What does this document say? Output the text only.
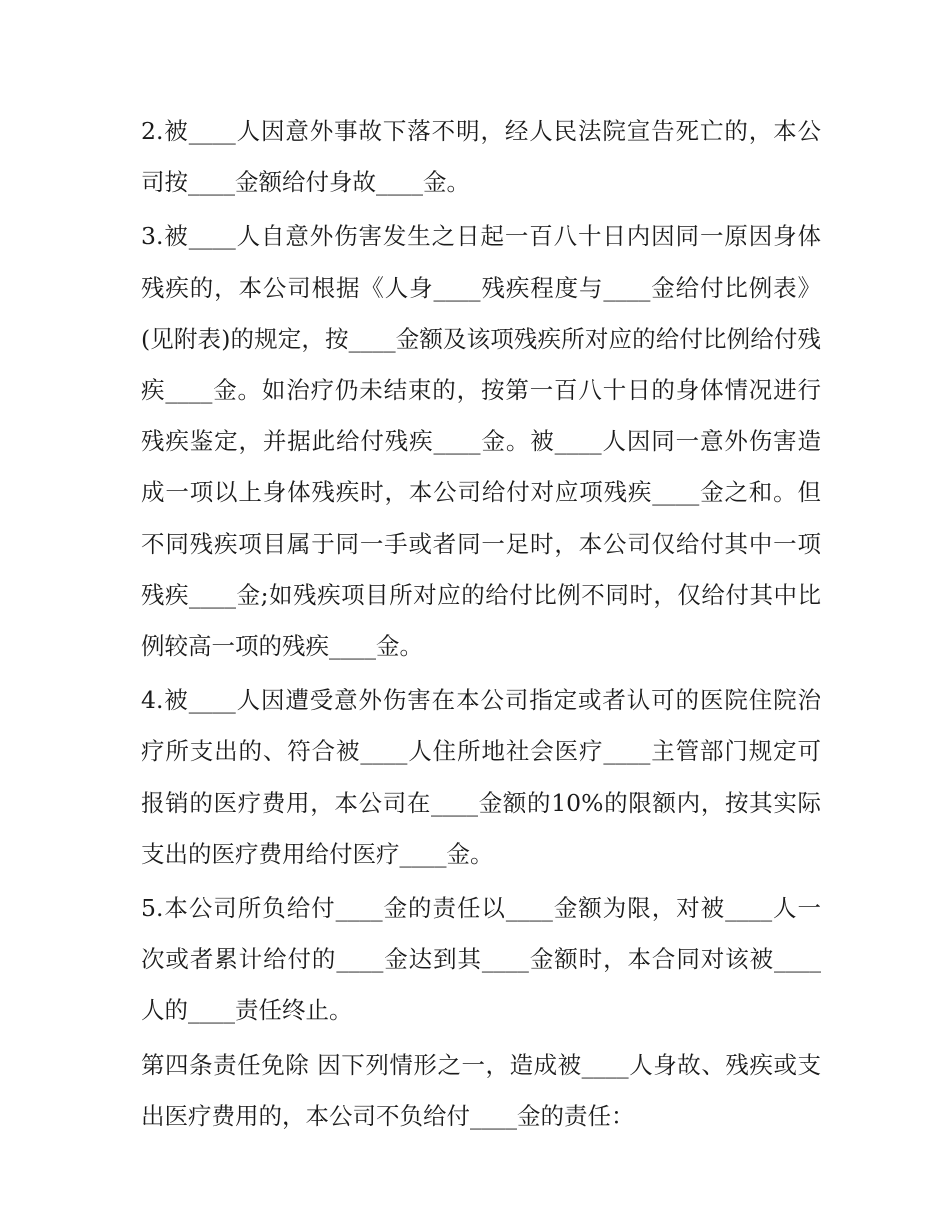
2.被____人因意外事故下落不明，经人民法院宣告死亡的，本公司按____金额给付身故____金。

3.被____人自意外伤害发生之日起一百八十日内因同一原因身体残疾的，本公司根据《人身____残疾程度与____金给付比例表》(见附表)的规定，按____金额及该项残疾所对应的给付比例给付残疾____金。如治疗仍未结束的，按第一百八十日的身体情况进行残疾鉴定，并据此给付残疾____金。被____人因同一意外伤害造成一项以上身体残疾时，本公司给付对应项残疾____金之和。但不同残疾项目属于同一手或者同一足时，本公司仅给付其中一项残疾____金;如残疾项目所对应的给付比例不同时，仅给付其中比例较高一项的残疾____金。

4.被____人因遭受意外伤害在本公司指定或者认可的医院住院治疗所支出的、符合被____人住所地社会医疗____主管部门规定可报销的医疗费用，本公司在____金额的10%的限额内，按其实际支出的医疗费用给付医疗____金。

5.本公司所负给付____金的责任以____金额为限，对被____人一次或者累计给付的____金达到其____金额时，本合同对该被____人的____责任终止。

第四条责任免除 因下列情形之一，造成被____人身故、残疾或支出医疗费用的，本公司不负给付____金的责任：
